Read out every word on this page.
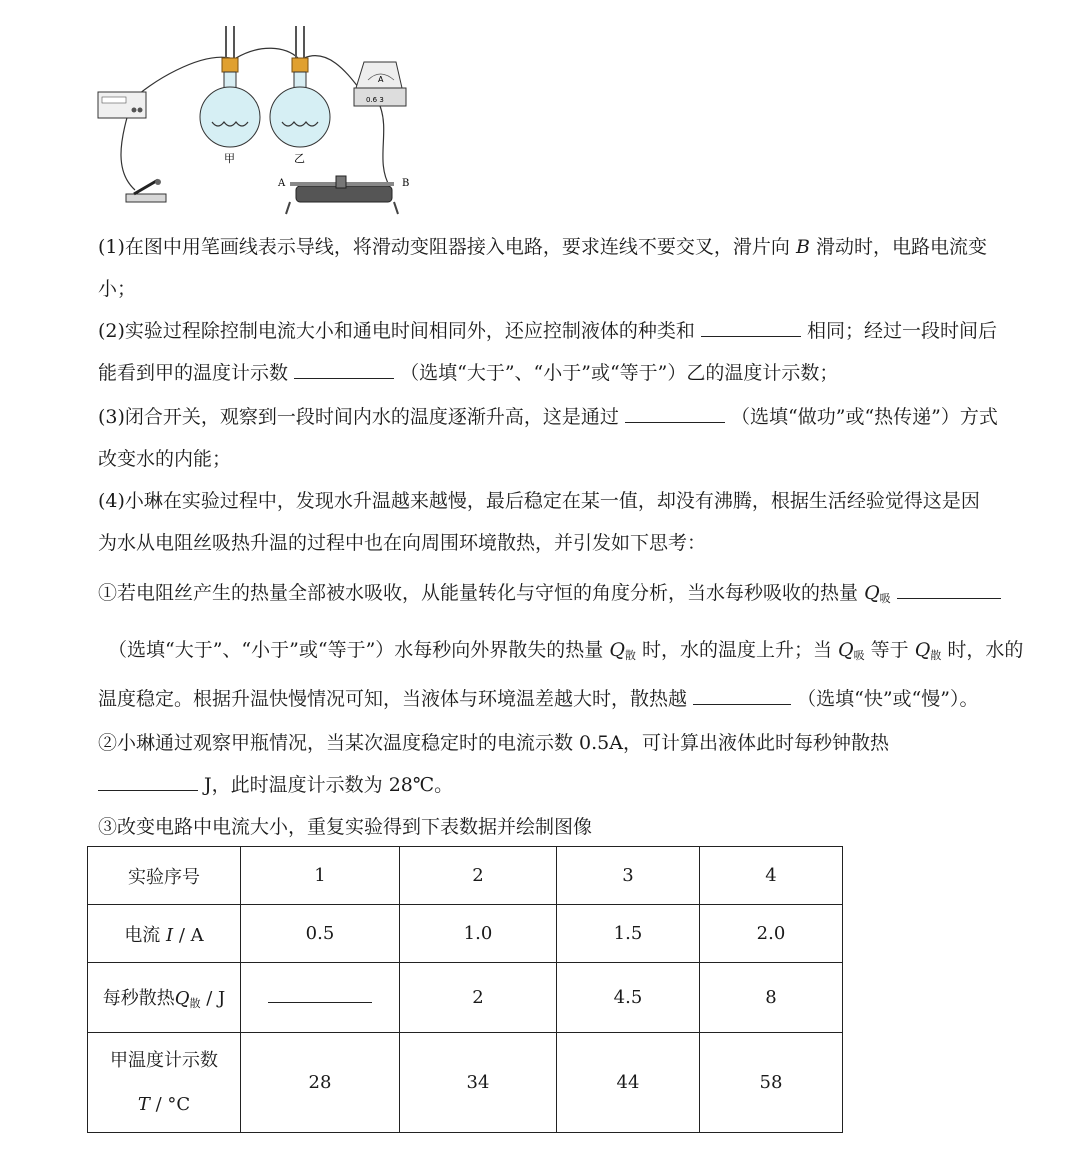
甲	乙
A
0.6 3
A	B
(1)在图中用笔画线表示导线，将滑动变阻器接入电路，要求连线不要交叉，滑片向 B 滑动时，电路电流变
小；
(2)实验过程除控制电流大小和通电时间相同外，还应控制液体的种类和	相同；经过一段时间后
能看到甲的温度计示数	（选填“大于”、“小于”或“等于”）乙的温度计示数；
(3)闭合开关，观察到一段时间内水的温度逐渐升高，这是通过	（选填“做功”或“热传递”）方式
改变水的内能；
(4)小琳在实验过程中，发现水升温越来越慢，最后稳定在某一值，却没有沸腾，根据生活经验觉得这是因
为水从电阻丝吸热升温的过程中也在向周围环境散热，并引发如下思考：
①若电阻丝产生的热量全部被水吸收，从能量转化与守恒的角度分析，当水每秒吸收的热量 $Q_吸$
（选填“大于”、“小于”或“等于”）水每秒向外界散失的热量 $Q_散$ 时，水的温度上升；当 $Q_吸$ 等于 $Q_散$ 时，水的
温度稳定。根据升温快慢情况可知，当液体与环境温差越大时，散热越	（选填“快”或“慢”）。
②小琳通过观察甲瓶情况，当某次温度稳定时的电流示数 0.5A，可计算出液体此时每秒钟散热
J，此时温度计示数为 28℃。
③改变电路中电流大小，重复实验得到下表数据并绘制图像
实验序号	1	2	3	4
电流 I / A	0.5	1.0	1.5	2.0
每秒散热$Q_散$ / J		2	4.5	8
甲温度计示数
T / °C	28	34	44	58
